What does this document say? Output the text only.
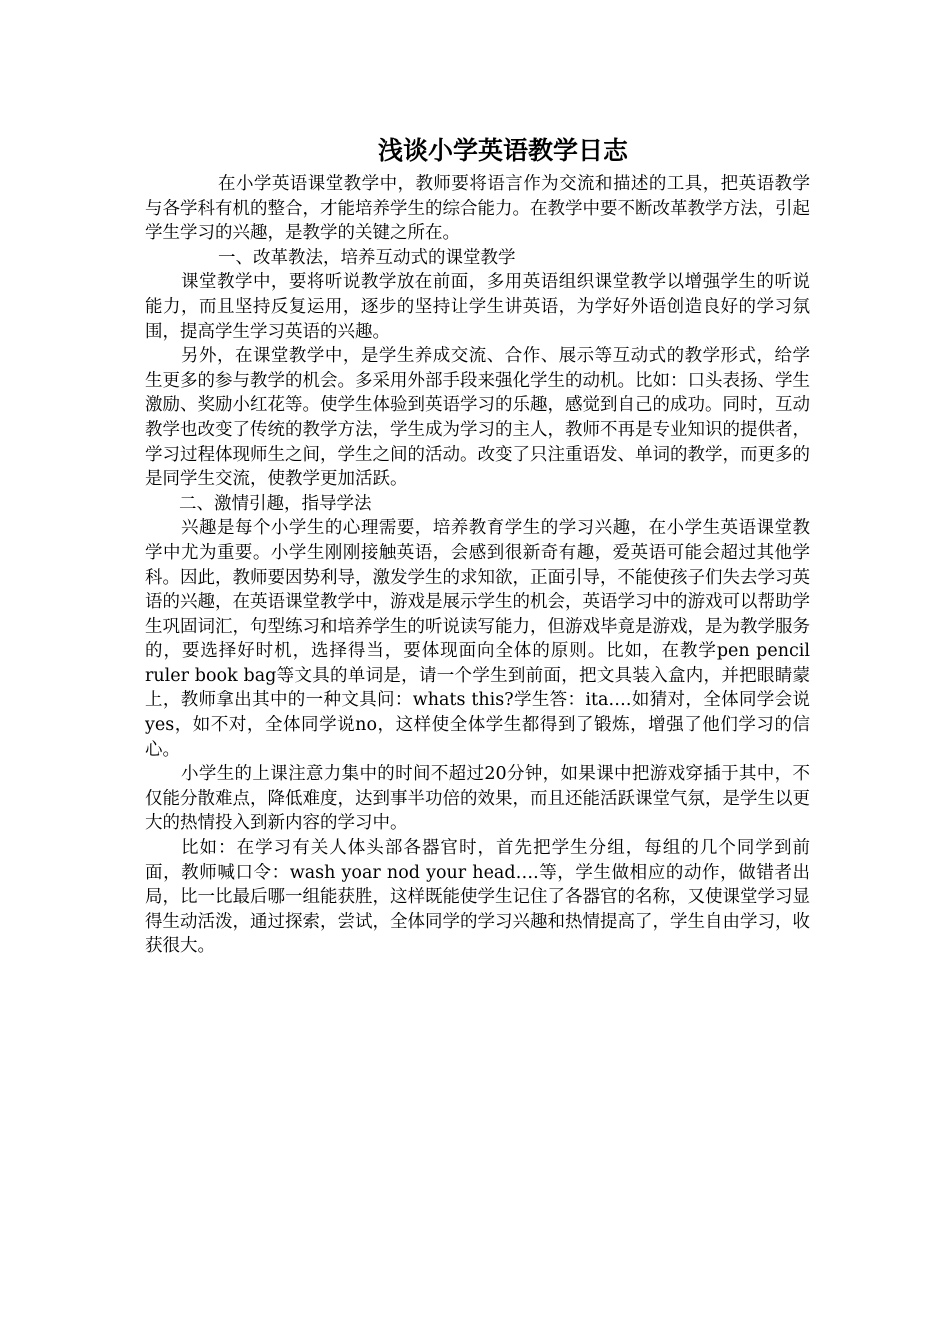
浅谈小学英语教学日志

在小学英语课堂教学中，教师要将语言作为交流和描述的工具，把英语教学与各学科有机的整合，才能培养学生的综合能力。在教学中要不断改革教学方法，引起学生学习的兴趣，是教学的关键之所在。

一、改革教法，培养互动式的课堂教学

课堂教学中，要将听说教学放在前面，多用英语组织课堂教学以增强学生的听说能力，而且坚持反复运用，逐步的坚持让学生讲英语，为学好外语创造良好的学习氛围，提高学生学习英语的兴趣。

另外，在课堂教学中，是学生养成交流、合作、展示等互动式的教学形式，给学生更多的参与教学的机会。多采用外部手段来强化学生的动机。比如：口头表扬、学生激励、奖励小红花等。使学生体验到英语学习的乐趣，感觉到自己的成功。同时，互动教学也改变了传统的教学方法，学生成为学习的主人，教师不再是专业知识的提供者，学习过程体现师生之间，学生之间的活动。改变了只注重语发、单词的教学，而更多的是同学生交流，使教学更加活跃。

二、激情引趣，指导学法

兴趣是每个小学生的心理需要，培养教育学生的学习兴趣，在小学生英语课堂教学中尤为重要。小学生刚刚接触英语，会感到很新奇有趣，爱英语可能会超过其他学科。因此，教师要因势利导，激发学生的求知欲，正面引导，不能使孩子们失去学习英语的兴趣，在英语课堂教学中，游戏是展示学生的机会，英语学习中的游戏可以帮助学生巩固词汇，句型练习和培养学生的听说读写能力，但游戏毕竟是游戏，是为教学服务的，要选择好时机，选择得当，要体现面向全体的原则。比如，在教学pen pencil ruler book bag等文具的单词是，请一个学生到前面，把文具装入盒内，并把眼睛蒙上，教师拿出其中的一种文具问：whats this?学生答：ita….如猜对，全体同学会说yes，如不对，全体同学说no，这样使全体学生都得到了锻炼，增强了他们学习的信心。

小学生的上课注意力集中的时间不超过20分钟，如果课中把游戏穿插于其中，不仅能分散难点，降低难度，达到事半功倍的效果，而且还能活跃课堂气氛，是学生以更大的热情投入到新内容的学习中。

比如：在学习有关人体头部各器官时，首先把学生分组，每组的几个同学到前面，教师喊口令：wash yoar nod your head….等，学生做相应的动作，做错者出局，比一比最后哪一组能获胜，这样既能使学生记住了各器官的名称，又使课堂学习显得生动活泼，通过探索，尝试，全体同学的学习兴趣和热情提高了，学生自由学习，收获很大。
